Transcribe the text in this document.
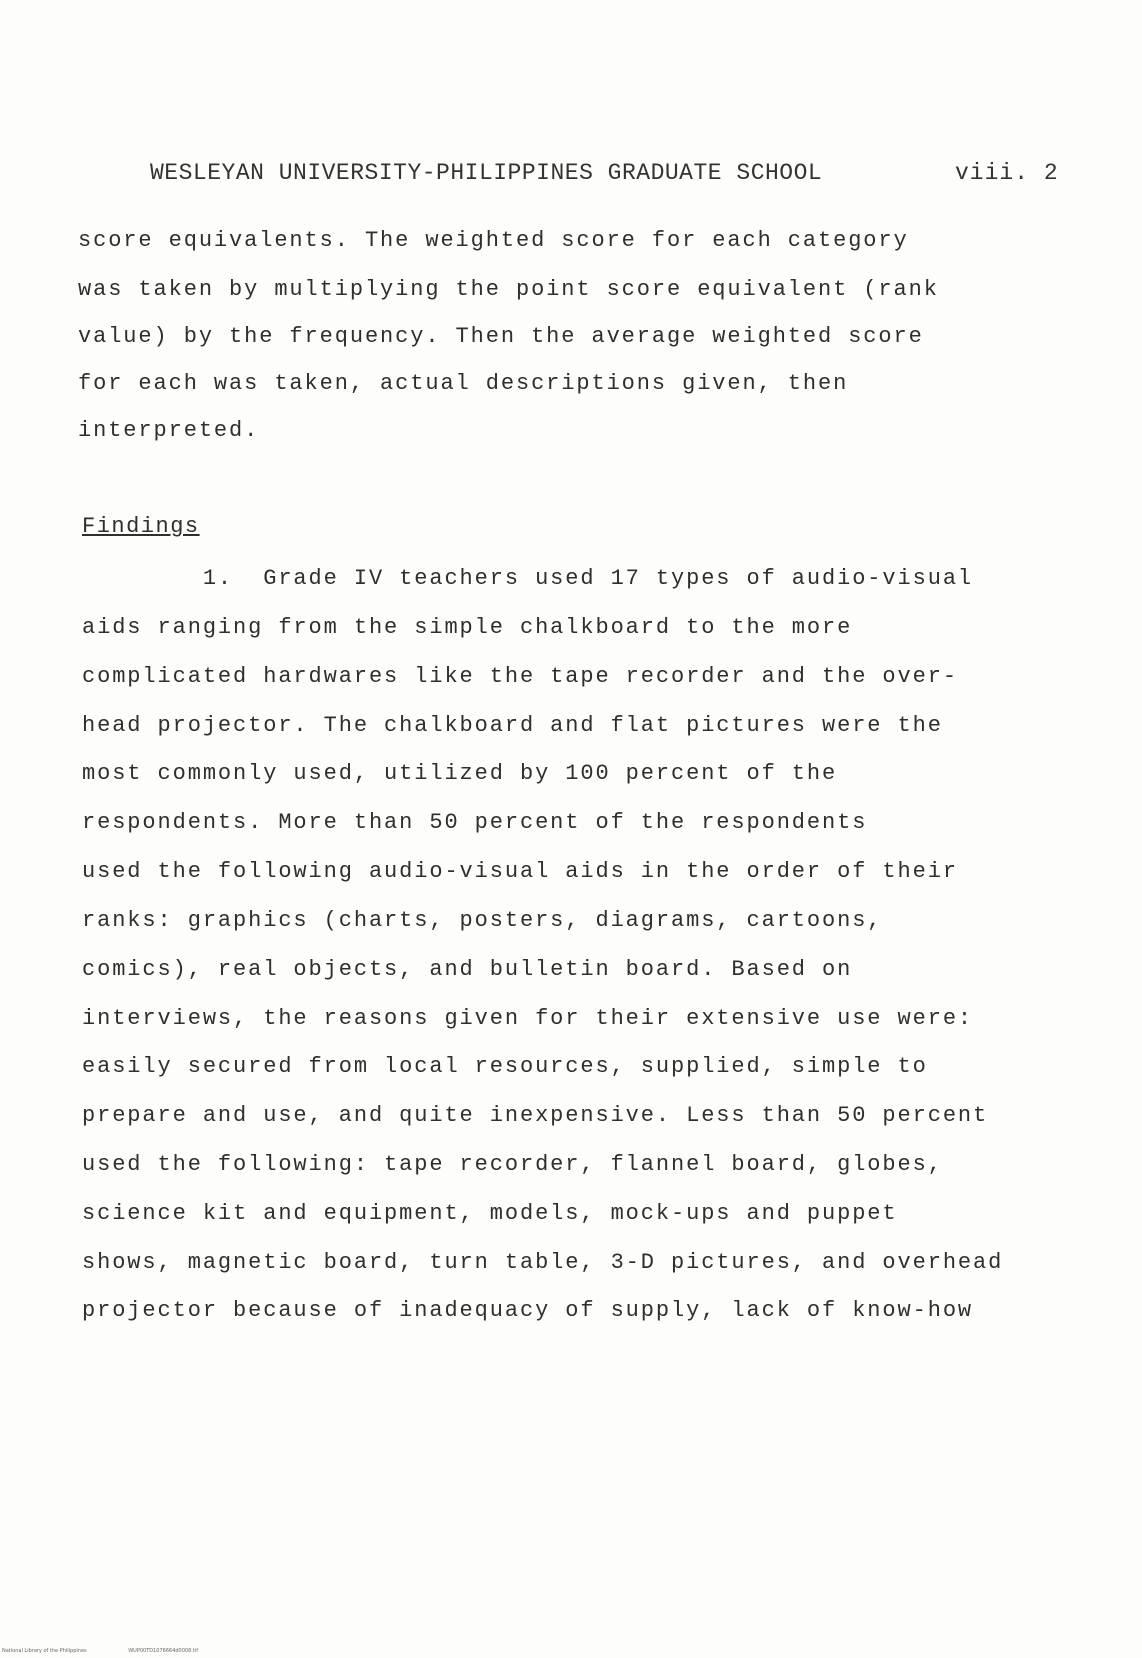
WESLEYAN UNIVERSITY-PHILIPPINES GRADUATE SCHOOL	viii. 2
score equivalents. The weighted score for each category
was taken by multiplying the point score equivalent (rank
value) by the frequency. Then the average weighted score
for each was taken, actual descriptions given, then
interpreted.
Findings
1.  Grade IV teachers used 17 types of audio-visual
aids ranging from the simple chalkboard to the more
complicated hardwares like the tape recorder and the over-
head projector. The chalkboard and flat pictures were the
most commonly used, utilized by 100 percent of the
respondents. More than 50 percent of the respondents
used the following audio-visual aids in the order of their
ranks: graphics (charts, posters, diagrams, cartoons,
comics), real objects, and bulletin board. Based on
interviews, the reasons given for their extensive use were:
easily secured from local resources, supplied, simple to
prepare and use, and quite inexpensive. Less than 50 percent
used the following: tape recorder, flannel board, globes,
science kit and equipment, models, mock-ups and puppet
shows, magnetic board, turn table, 3-D pictures, and overhead
projector because of inadequacy of supply, lack of know-how
National Library of the Philippines	WUP00TD1076664d0008.tif
